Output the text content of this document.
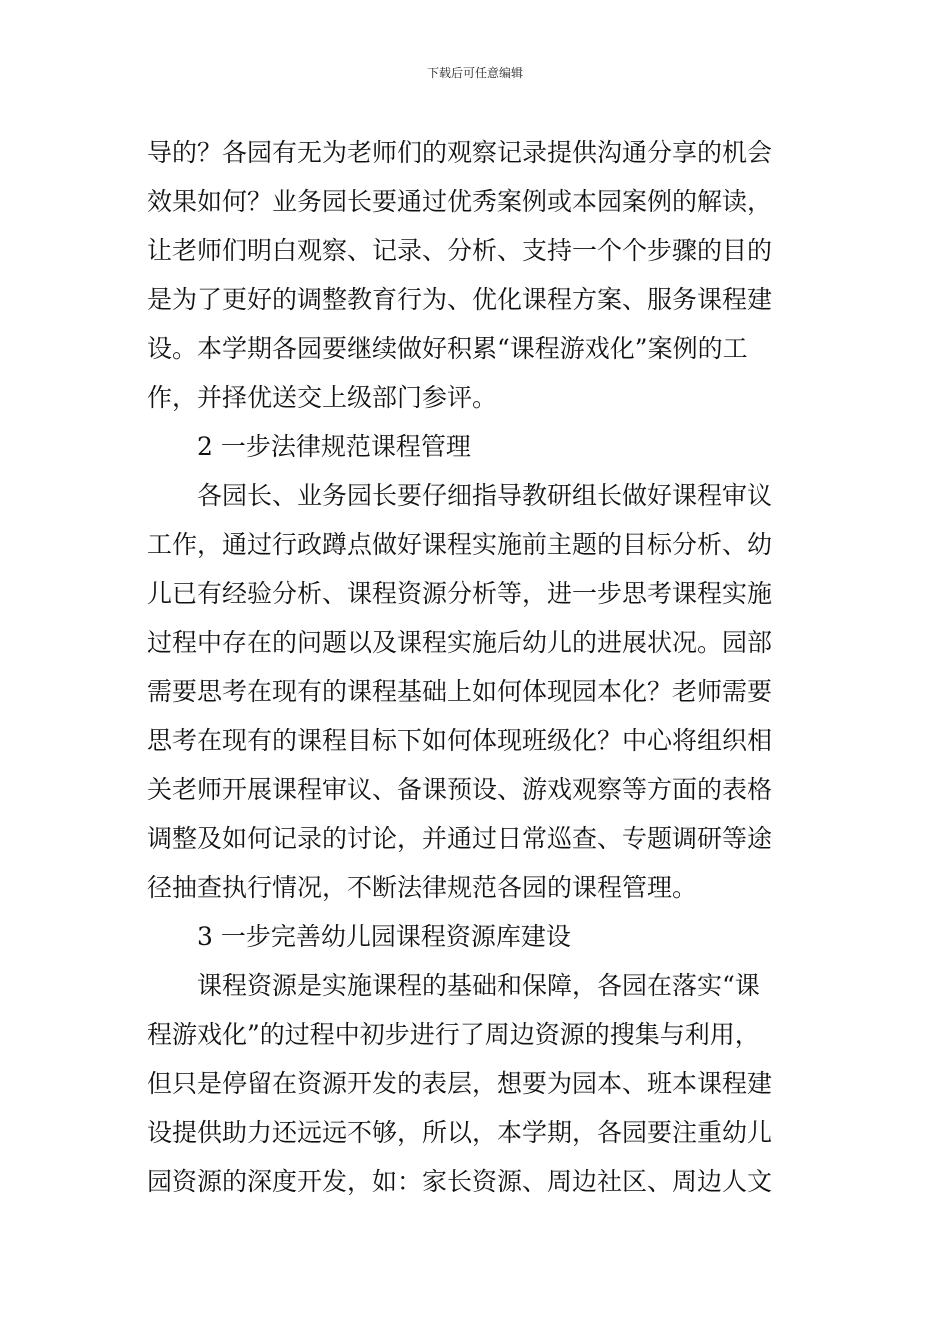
下载后可任意编辑
导的？各园有无为老师们的观察记录提供沟通分享的机会
效果如何？业务园长要通过优秀案例或本园案例的解读，
让老师们明白观察、记录、分析、支持一个个步骤的目的
是为了更好的调整教育行为、优化课程方案、服务课程建
设。本学期各园要继续做好积累“课程游戏化”案例的工
作，并择优送交上级部门参评。
2 一步法律规范课程管理
各园长、业务园长要仔细指导教研组长做好课程审议
工作，通过行政蹲点做好课程实施前主题的目标分析、幼
儿已有经验分析、课程资源分析等，进一步思考课程实施
过程中存在的问题以及课程实施后幼儿的进展状况。园部
需要思考在现有的课程基础上如何体现园本化？老师需要
思考在现有的课程目标下如何体现班级化？中心将组织相
关老师开展课程审议、备课预设、游戏观察等方面的表格
调整及如何记录的讨论，并通过日常巡查、专题调研等途
径抽查执行情况，不断法律规范各园的课程管理。
3 一步完善幼儿园课程资源库建设
课程资源是实施课程的基础和保障，各园在落实“课
程游戏化”的过程中初步进行了周边资源的搜集与利用，
但只是停留在资源开发的表层，想要为园本、班本课程建
设提供助力还远远不够，所以，本学期，各园要注重幼儿
园资源的深度开发，如：家长资源、周边社区、周边人文
